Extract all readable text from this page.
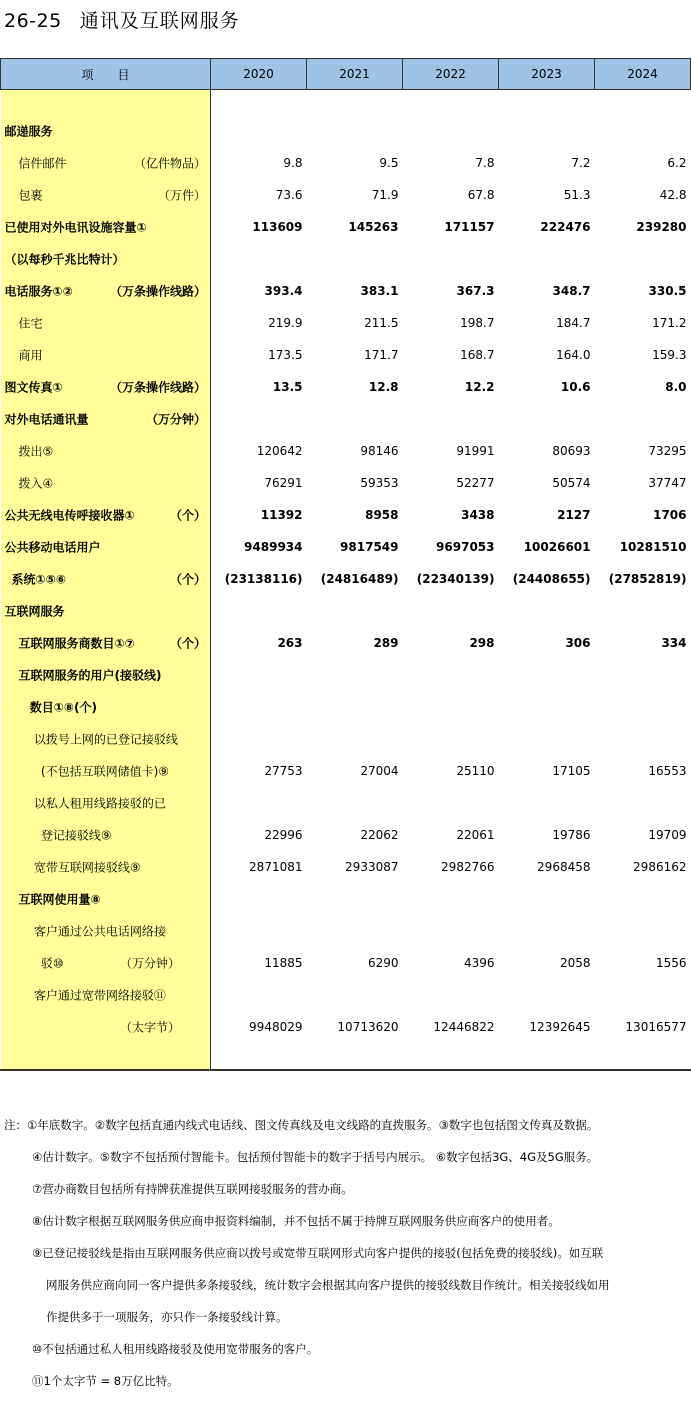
26-25 通讯及互联网服务
项　　目	2020	2021	2022	2023	2024

邮递服务					

信件邮件 （亿件物品）	9.8	9.5	7.8	7.2	6.2

包裹 （万件）	73.6	71.9	67.8	51.3	42.8

已使用对外电讯设施容量①	113609	145263	171157	222476	239280

（以每秒千兆比特计）					

电话服务①② （万条操作线路）	393.4	383.1	367.3	348.7	330.5

住宅	219.9	211.5	198.7	184.7	171.2

商用	173.5	171.7	168.7	164.0	159.3

图文传真① （万条操作线路）	13.5	12.8	12.2	10.6	8.0

对外电话通讯量 （万分钟）					

拨出⑤	120642	98146	91991	80693	73295

拨入④	76291	59353	52277	50574	37747

公共无线电传呼接收器① （个）	11392	8958	3438	2127	1706

公共移动电话用户	9489934	9817549	9697053	10026601	10281510

系统①⑤⑥ （个）	(23138116)	(24816489)	(22340139)	(24408655)	(27852819)

互联网服务					

互联网服务商数目①⑦ （个）	263	289	298	306	334

互联网服务的用户(接驳线)					

数目①⑧(个)					

以拨号上网的已登记接驳线					

(不包括互联网储值卡)⑨	27753	27004	25110	17105	16553

以私人租用线路接驳的已					

登记接驳线⑨	22996	22062	22061	19786	19709

宽带互联网接驳线⑨	2871081	2933087	2982766	2968458	2986162

互联网使用量⑧					

客户通过公共电话网络接					

驳⑩ （万分钟）	11885	6290	4396	2058	1556

客户通过宽带网络接驳⑪					

（太字节）	9948029	10713620	12446822	12392645	13016577

注：①年底数字。②数字包括直通内线式电话线、图文传真线及电文线路的直拨服务。③数字也包括图文传真及数据。
④估计数字。⑤数字不包括预付智能卡。包括预付智能卡的数字于括号内展示。 ⑥数字包括3G、4G及5G服务。
⑦营办商数目包括所有持牌获准提供互联网接驳服务的营办商。
⑧估计数字根据互联网服务供应商申报资料编制，并不包括不属于持牌互联网服务供应商客户的使用者。
⑨已登记接驳线是指由互联网服务供应商以拨号或宽带互联网形式向客户提供的接驳(包括免费的接驳线)。如互联
网服务供应商向同一客户提供多条接驳线，统计数字会根据其向客户提供的接驳线数目作统计。相关接驳线如用
作提供多于一项服务，亦只作一条接驳线计算。
⑩不包括通过私人租用线路接驳及使用宽带服务的客户。
⑪1个太字节 = 8万亿比特。
